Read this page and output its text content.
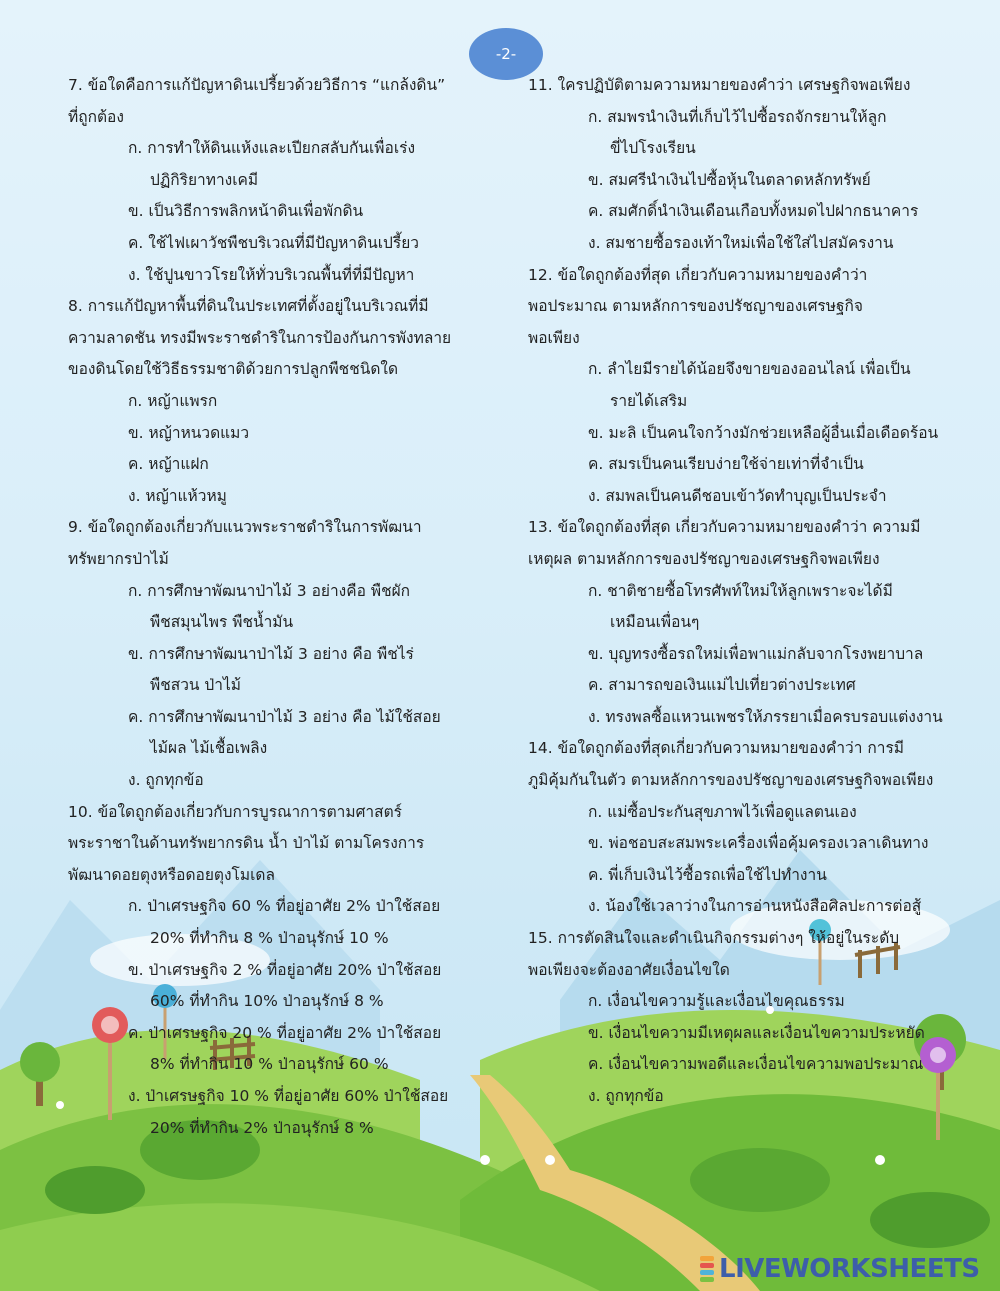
-2-
7. ข้อใดคือการแก้ปัญหาดินเปรี้ยวด้วยวิธีการ “แกล้งดิน”
ที่ถูกต้อง
ก. การทำให้ดินแห้งและเปียกสลับกันเพื่อเร่ง
ปฏิกิริยาทางเคมี
ข. เป็นวิธีการพลิกหน้าดินเพื่อพักดิน
ค. ใช้ไฟเผาวัชพืชบริเวณที่มีปัญหาดินเปรี้ยว
ง. ใช้ปูนขาวโรยให้ทั่วบริเวณพื้นที่ที่มีปัญหา
8. การแก้ปัญหาพื้นที่ดินในประเทศที่ตั้งอยู่ในบริเวณที่มี
ความลาดชัน ทรงมีพระราชดำริในการป้องกันการพังทลาย
ของดินโดยใช้วิธีธรรมชาติด้วยการปลูกพืชชนิดใด
ก. หญ้าแพรก
ข. หญ้าหนวดแมว
ค. หญ้าแฝก
ง. หญ้าแห้วหมู
9. ข้อใดถูกต้องเกี่ยวกับแนวพระราชดำริในการพัฒนา
ทรัพยากรป่าไม้
ก. การศึกษาพัฒนาป่าไม้ 3 อย่างคือ พืชผัก
พืชสมุนไพร พืชน้ำมัน
ข. การศึกษาพัฒนาป่าไม้ 3 อย่าง คือ พืชไร่
พืชสวน ป่าไม้
ค. การศึกษาพัฒนาป่าไม้ 3 อย่าง คือ ไม้ใช้สอย
ไม้ผล ไม้เชื้อเพลิง
ง. ถูกทุกข้อ
10. ข้อใดถูกต้องเกี่ยวกับการบูรณาการตามศาสตร์
พระราชาในด้านทรัพยากรดิน น้ำ ป่าไม้ ตามโครงการ
พัฒนาดอยตุงหรือดอยตุงโมเดล
ก. ป่าเศรษฐกิจ 60 % ที่อยู่อาศัย 2% ป่าใช้สอย
20% ที่ทำกิน 8 % ป่าอนุรักษ์ 10 %
ข. ป่าเศรษฐกิจ 2 % ที่อยู่อาศัย 20% ป่าใช้สอย
60% ที่ทำกิน 10% ป่าอนุรักษ์ 8 %
ค. ป่าเศรษฐกิจ 20 % ที่อยู่อาศัย 2% ป่าใช้สอย
8% ที่ทำกิน 10 % ป่าอนุรักษ์ 60 %
ง. ป่าเศรษฐกิจ 10 % ที่อยู่อาศัย 60% ป่าใช้สอย
20% ที่ทำกิน 2% ป่าอนุรักษ์ 8 %
11. ใครปฏิบัติตามความหมายของคำว่า เศรษฐกิจพอเพียง
ก. สมพรนำเงินที่เก็บไว้ไปซื้อรถจักรยานให้ลูก
ขี่ไปโรงเรียน
ข. สมศรีนำเงินไปซื้อหุ้นในตลาดหลักทรัพย์
ค. สมศักดิ์นำเงินเดือนเกือบทั้งหมดไปฝากธนาคาร
ง. สมชายซื้อรองเท้าใหม่เพื่อใช้ใส่ไปสมัครงาน
12. ข้อใดถูกต้องที่สุด เกี่ยวกับความหมายของคำว่า
พอประมาณ ตามหลักการของปรัชญาของเศรษฐกิจ
พอเพียง
ก. ลำไยมีรายได้น้อยจึงขายของออนไลน์ เพื่อเป็น
รายได้เสริม
ข. มะลิ เป็นคนใจกว้างมักช่วยเหลือผู้อื่นเมื่อเดือดร้อน
ค. สมรเป็นคนเรียบง่ายใช้จ่ายเท่าที่จำเป็น
ง. สมพลเป็นคนดีชอบเข้าวัดทำบุญเป็นประจำ
13. ข้อใดถูกต้องที่สุด เกี่ยวกับความหมายของคำว่า ความมี
เหตุผล ตามหลักการของปรัชญาของเศรษฐกิจพอเพียง
ก. ชาติชายซื้อโทรศัพท์ใหม่ให้ลูกเพราะจะได้มี
เหมือนเพื่อนๆ
ข. บุญทรงซื้อรถใหม่เพื่อพาแม่กลับจากโรงพยาบาล
ค. สามารถขอเงินแม่ไปเที่ยวต่างประเทศ
ง. ทรงพลซื้อแหวนเพชรให้ภรรยาเมื่อครบรอบแต่งงาน
14. ข้อใดถูกต้องที่สุดเกี่ยวกับความหมายของคำว่า การมี
ภูมิคุ้มกันในตัว ตามหลักการของปรัชญาของเศรษฐกิจพอเพียง
ก. แม่ซื้อประกันสุขภาพไว้เพื่อดูแลตนเอง
ข. พ่อชอบสะสมพระเครื่องเพื่อคุ้มครองเวลาเดินทาง
ค. พี่เก็บเงินไว้ซื้อรถเพื่อใช้ไปทำงาน
ง. น้องใช้เวลาว่างในการอ่านหนังสือศิลปะการต่อสู้
15. การตัดสินใจและดำเนินกิจกรรมต่างๆ ให้อยู่ในระดับ
พอเพียงจะต้องอาศัยเงื่อนไขใด
ก. เงื่อนไขความรู้และเงื่อนไขคุณธรรม
ข. เงื่อนไขความมีเหตุผลและเงื่อนไขความประหยัด
ค. เงื่อนไขความพอดีและเงื่อนไขความพอประมาณ
ง. ถูกทุกข้อ
LIVEWORKSHEETS
